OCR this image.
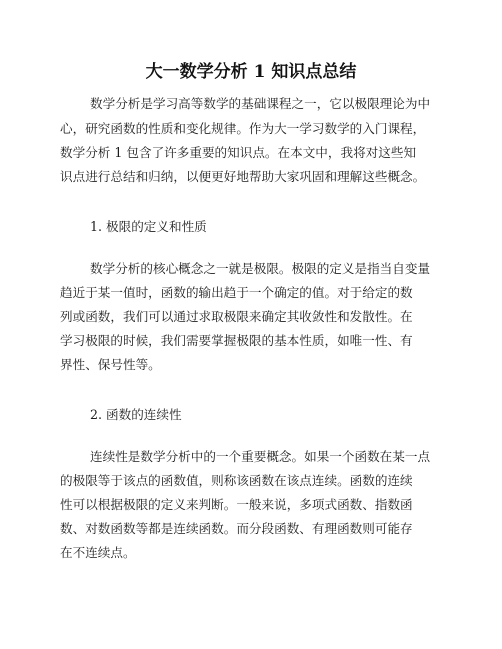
大一数学分析 1 知识点总结
数学分析是学习高等数学的基础课程之一，它以极限理论为中
心，研究函数的性质和变化规律。作为大一学习数学的入门课程，
数学分析 1 包含了许多重要的知识点。在本文中，我将对这些知
识点进行总结和归纳，以便更好地帮助大家巩固和理解这些概念。
1. 极限的定义和性质
数学分析的核心概念之一就是极限。极限的定义是指当自变量
趋近于某一值时，函数的输出趋于一个确定的值。对于给定的数
列或函数，我们可以通过求取极限来确定其收敛性和发散性。在
学习极限的时候，我们需要掌握极限的基本性质，如唯一性、有
界性、保号性等。
2. 函数的连续性
连续性是数学分析中的一个重要概念。如果一个函数在某一点
的极限等于该点的函数值，则称该函数在该点连续。函数的连续
性可以根据极限的定义来判断。一般来说，多项式函数、指数函
数、对数函数等都是连续函数。而分段函数、有理函数则可能存
在不连续点。
